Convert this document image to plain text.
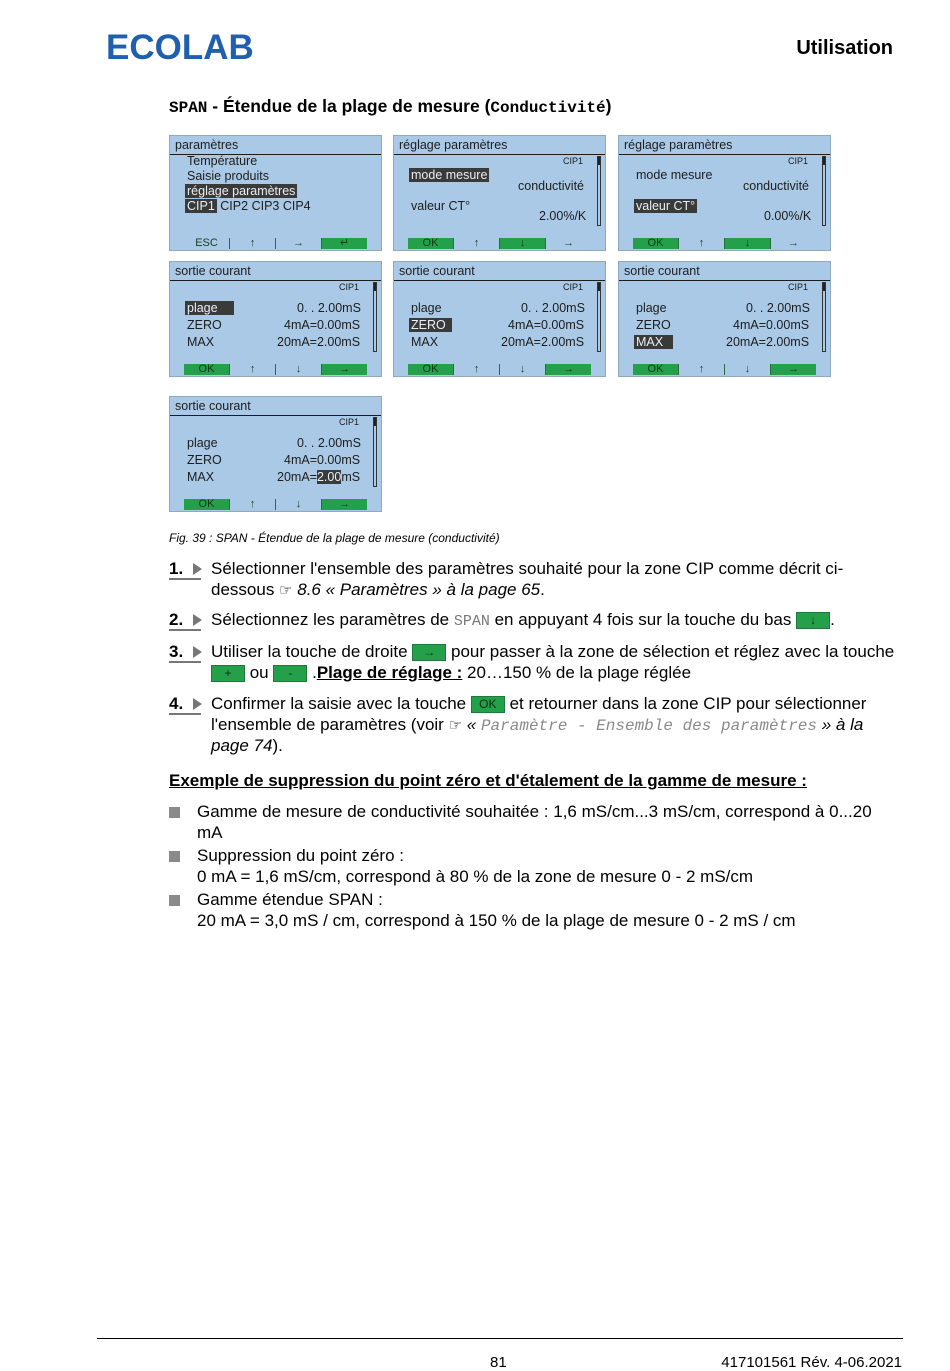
ECOLAB	Utilisation
SPAN - Étendue de la plage de mesure (Conductivité)
paramètres
Température
Saisie produits
réglage paramètres
CIP1 CIP2 CIP3 CIP4
ESC	↑	→	↵
réglage paramètres
CIP1
mode mesure
conductivité
valeur CT°
2.00%/K
OK	↑	↓	→
réglage paramètres
CIP1
mode mesure
conductivité
valeur CT°
0.00%/K
OK	↑	↓	→
sortie courant
CIP1
plage	0. . 2.00mS
ZERO	4mA=0.00mS
MAX	20mA=2.00mS
OK	↑	↓	→
sortie courant
CIP1
plage	0. . 2.00mS
ZERO	4mA=0.00mS
MAX	20mA=2.00mS
OK	↑	↓	→
sortie courant
CIP1
plage	0. . 2.00mS
ZERO	4mA=0.00mS
MAX	20mA=2.00mS
OK	↑	↓	→
sortie courant
CIP1
plage	0. . 2.00mS
ZERO	4mA=0.00mS
MAX	20mA=2.00mS
OK	↑	↓	→
Fig. 39 : SPAN - Étendue de la plage de mesure (conductivité)
1. Sélectionner l'ensemble des paramètres souhaité pour la zone CIP comme décrit ci-dessous ☞ 8.6 « Paramètres » à la page 65.
2. Sélectionnez les paramètres de SPAN en appuyant 4 fois sur la touche du bas ↓ .
3. Utiliser la touche de droite → pour passer à la zone de sélection et réglez avec la touche + ou - .Plage de réglage : 20…150 % de la plage réglée
4. Confirmer la saisie avec la touche OK et retourner dans la zone CIP pour sélectionner l'ensemble de paramètres (voir ☞ « Paramètre - Ensemble des paramètres » à la page 74).
Exemple de suppression du point zéro et d'étalement de la gamme de mesure :
Gamme de mesure de conductivité souhaitée : 1,6 mS/cm...3 mS/cm, correspond à 0...20 mA
Suppression du point zéro :
0 mA = 1,6 mS/cm, correspond à 80 % de la zone de mesure 0 - 2 mS/cm
Gamme étendue SPAN :
20 mA = 3,0 mS / cm, correspond à 150 % de la plage de mesure 0 - 2 mS / cm
81	417101561 Rév. 4-06.2021
